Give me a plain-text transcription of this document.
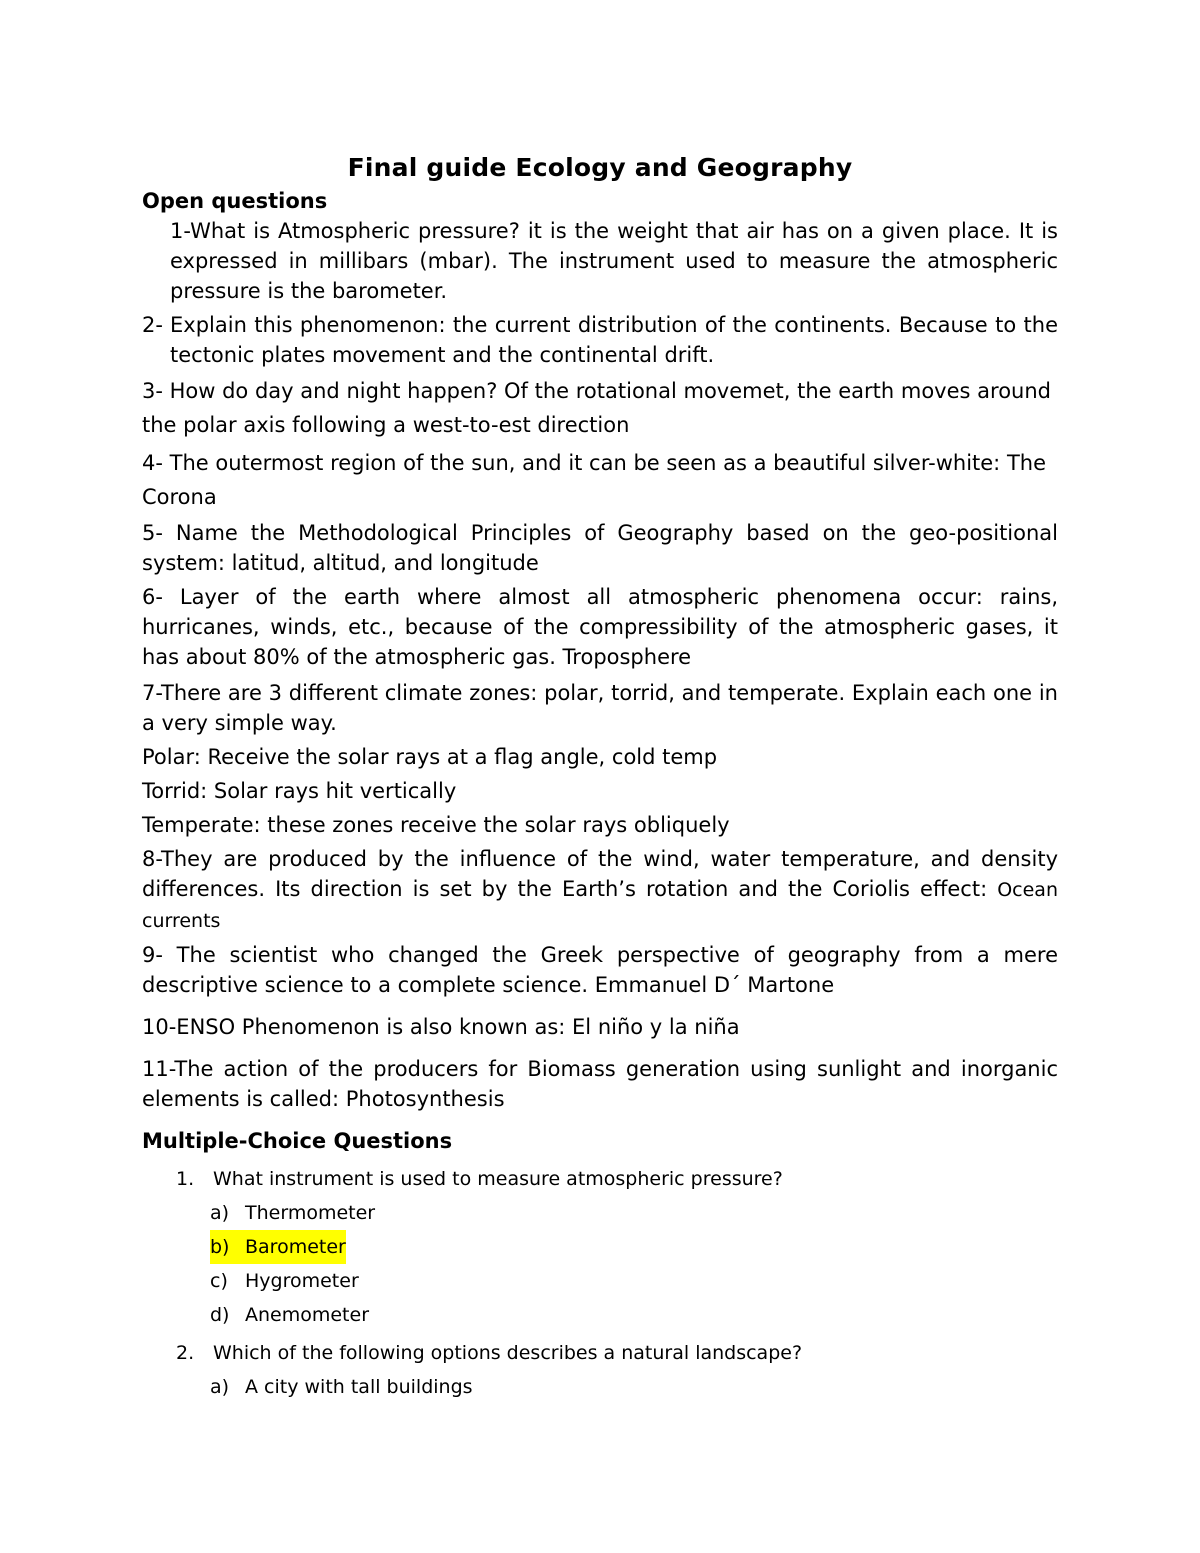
Final guide Ecology and Geography
Open questions
1-What is Atmospheric pressure? it is the weight that air has on a given place. It is expressed in millibars (mbar). The instrument used to measure the atmospheric pressure is the barometer.
2- Explain this phenomenon: the current distribution of the continents. Because to the tectonic plates movement and the continental drift.
3- How do day and night happen? Of the rotational movemet, the earth moves around the polar axis following a west-to-est direction
4- The outermost region of the sun, and it can be seen as a beautiful silver-white: The Corona
5- Name the Methodological Principles of Geography based on the geo-positional system: latitud, altitud, and longitude
6- Layer of the earth where almost all atmospheric phenomena occur: rains, hurricanes, winds, etc., because of the compressibility of the atmospheric gases, it has about 80% of the atmospheric gas. Troposphere
7-There are 3 different climate zones: polar, torrid, and temperate. Explain each one in a very simple way.
Polar: Receive the solar rays at a flag angle, cold temp
Torrid: Solar rays hit vertically
Temperate: these zones receive the solar rays obliquely
8-They are produced by the influence of the wind, water temperature, and density differences. Its direction is set by the Earth’s rotation and the Coriolis effect: Ocean currents
9- The scientist who changed the Greek perspective of geography from a mere descriptive science to a complete science. Emmanuel D´ Martone
10-ENSO Phenomenon is also known as: El niño y la niña
11-The action of the producers for Biomass generation using sunlight and inorganic elements is called: Photosynthesis
Multiple-Choice Questions
1. What instrument is used to measure atmospheric pressure?
a) Thermometer
b) Barometer
c) Hygrometer
d) Anemometer
2. Which of the following options describes a natural landscape?
a) A city with tall buildings
